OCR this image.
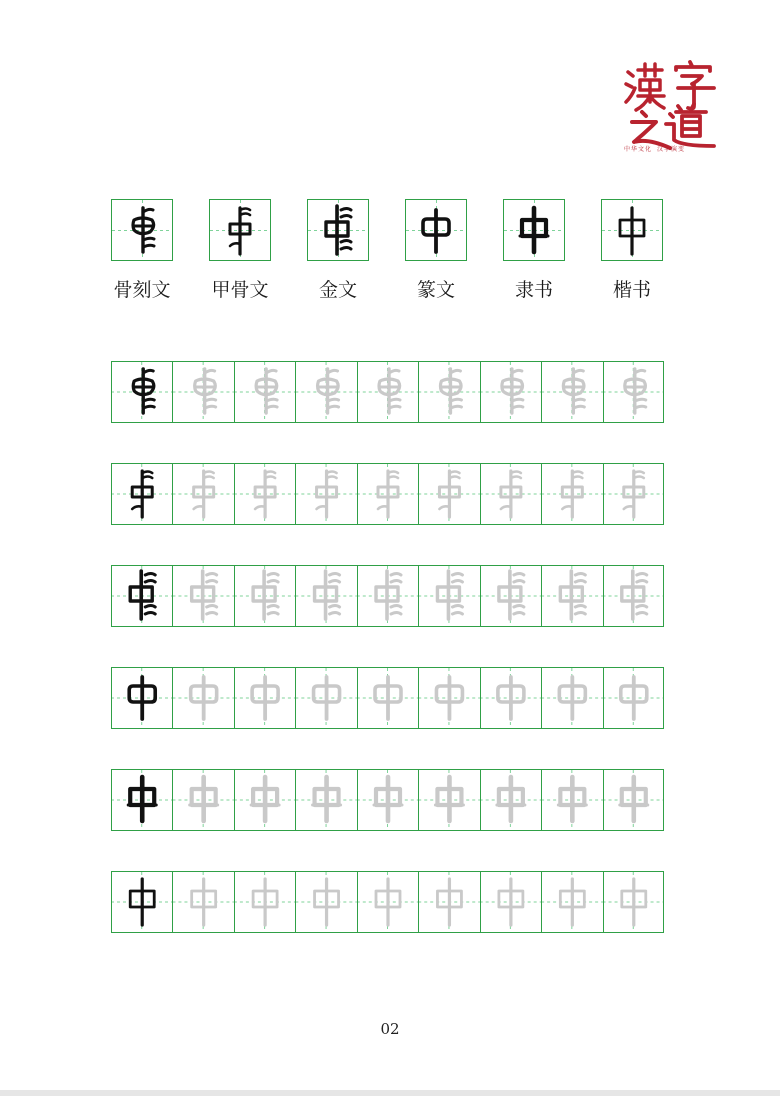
中华文化 汉字演变
骨刻文	甲骨文	金文	篆文	隶书	楷书
02
